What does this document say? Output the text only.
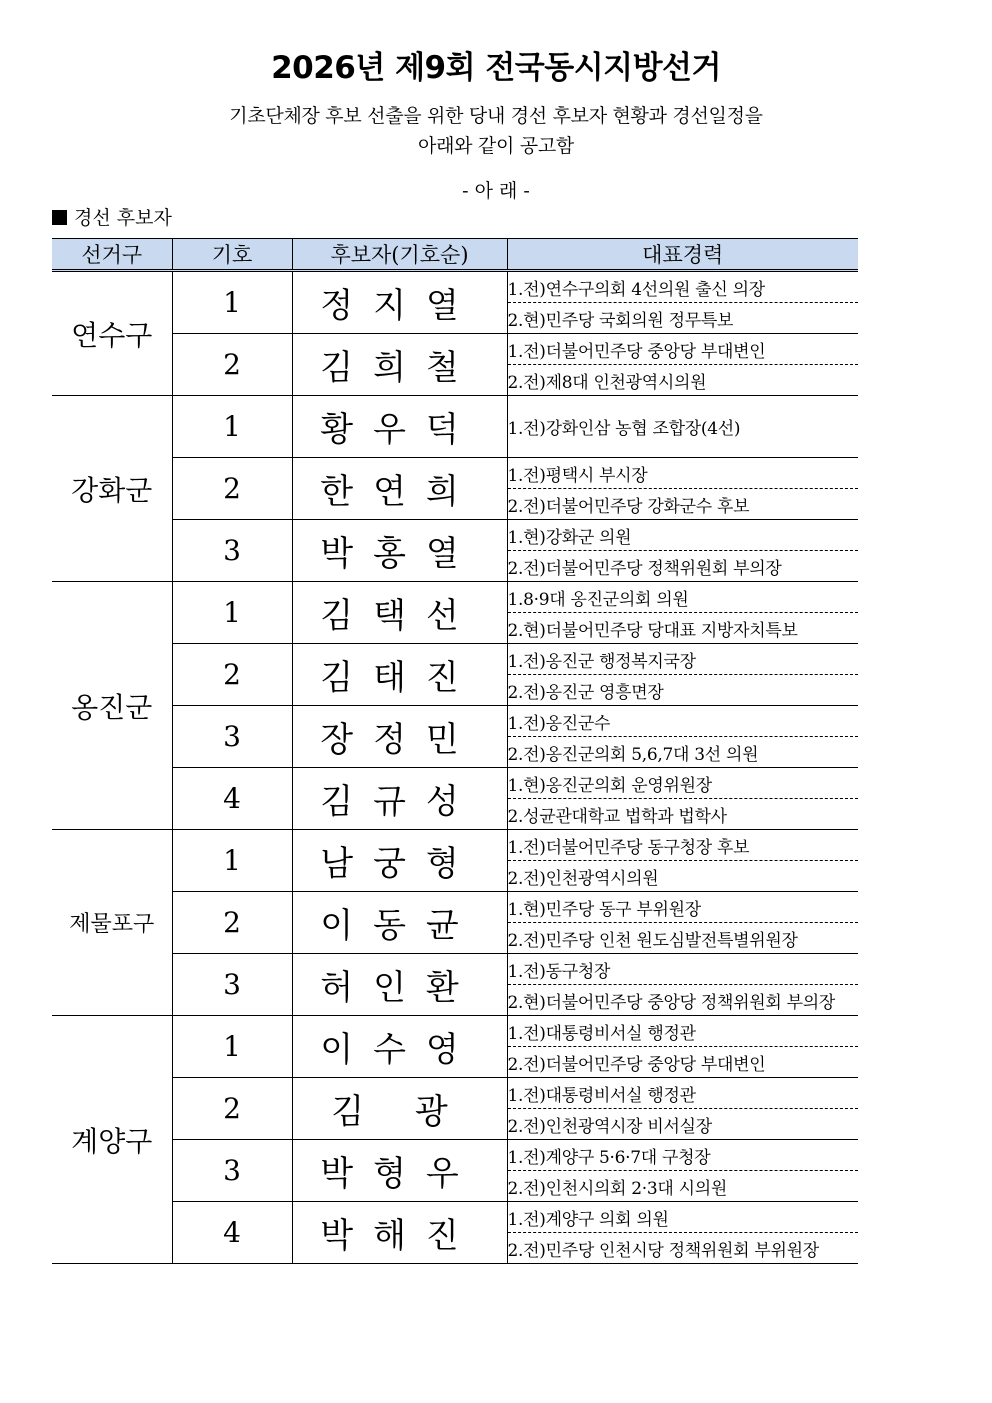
2026년 제9회 전국동시지방선거
기초단체장 후보 선출을 위한 당내 경선 후보자 현황과 경선일정을
아래와 같이 공고함
- 아 래 -
경선 후보자
선거구	기호	후보자(기호순)	대표경력
연수구	1	정지열	1.전)연수구의회 4선의원 출신 의장
			2.현)민주당 국회의원 정무특보
	2	김희철	1.전)더불어민주당 중앙당 부대변인
			2.전)제8대 인천광역시의원
강화군	1	황우덕	1.전)강화인삼 농협 조합장(4선)

	2	한연희	1.전)평택시 부시장
			2.전)더불어민주당 강화군수 후보
	3	박홍열	1.현)강화군 의원
			2.전)더불어민주당 정책위원회 부의장
옹진군	1	김택선	1.8·9대 옹진군의회 의원
			2.현)더불어민주당 당대표 지방자치특보
	2	김태진	1.전)옹진군 행정복지국장
			2.전)옹진군 영흥면장
	3	장정민	1.전)옹진군수
			2.전)옹진군의회 5,6,7대 3선 의원
	4	김규성	1.현)옹진군의회 운영위원장
			2.성균관대학교 법학과 법학사
제물포구	1	남궁형	1.전)더불어민주당 동구청장 후보
			2.전)인천광역시의원
	2	이동균	1.현)민주당 동구 부위원장
			2.전)민주당 인천 원도심발전특별위원장
	3	허인환	1.전)동구청장
			2.현)더불어민주당 중앙당 정책위원회 부의장
계양구	1	이수영	1.전)대통령비서실 행정관
			2.전)더불어민주당 중앙당 부대변인
	2	김 광	1.전)대통령비서실 행정관
			2.전)인천광역시장 비서실장
	3	박형우	1.전)계양구 5·6·7대 구청장
			2.전)인천시의회 2·3대 시의원
	4	박해진	1.전)계양구 의회 의원
			2.전)민주당 인천시당 정책위원회 부위원장
